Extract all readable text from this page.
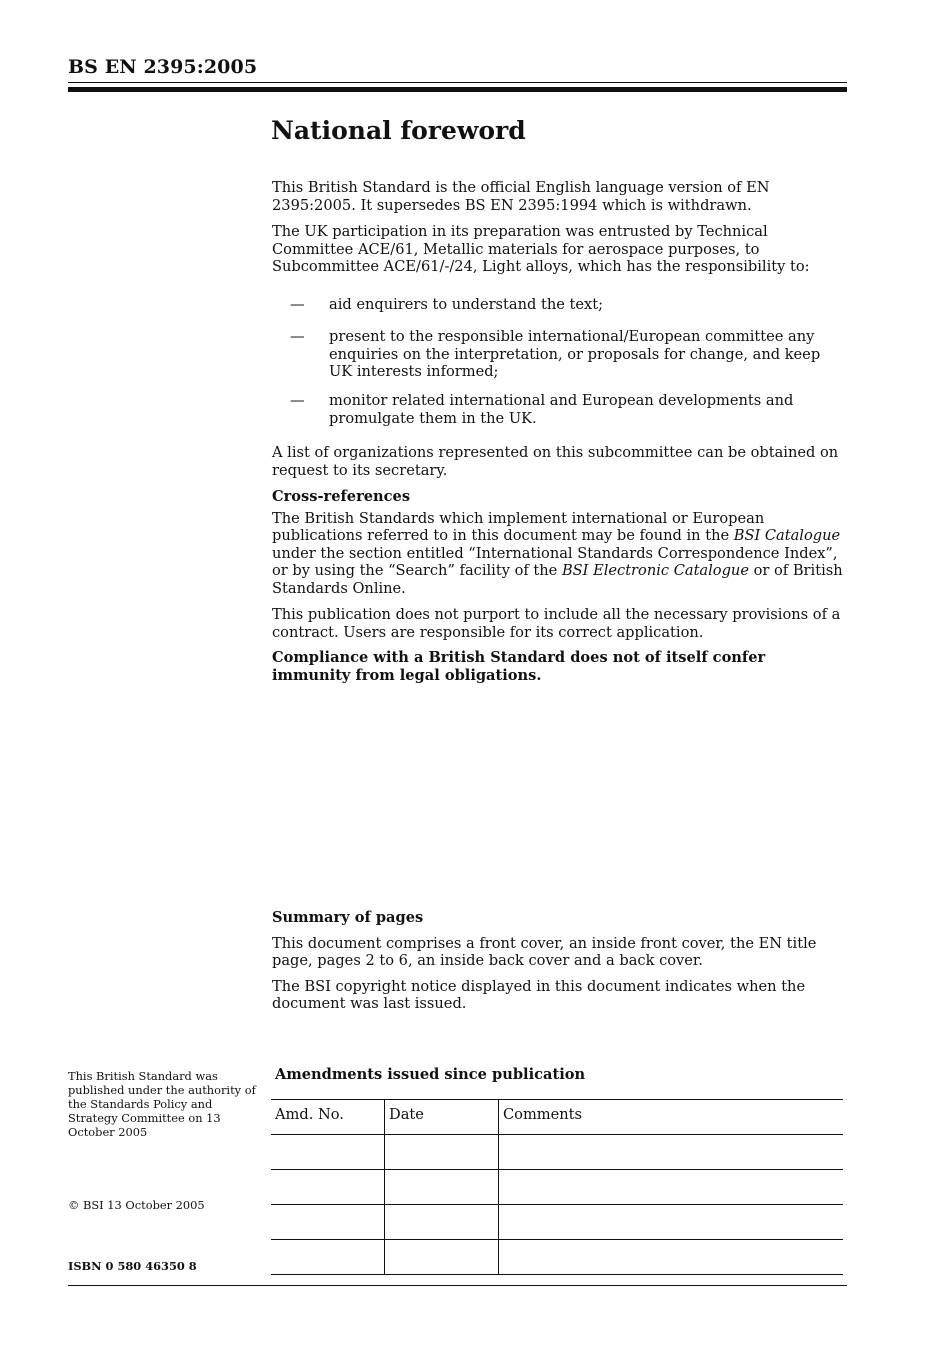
BS EN 2395:2005
National foreword

This British Standard is the official English language version of EN 2395:2005. It supersedes BS EN 2395:1994 which is withdrawn.

The UK participation in its preparation was entrusted by Technical Committee ACE/61, Metallic materials for aerospace purposes, to Subcommittee ACE/61/-/24, Light alloys, which has the responsibility to:

— aid enquirers to understand the text;
— present to the responsible international/European committee any enquiries on the interpretation, or proposals for change, and keep UK interests informed;
— monitor related international and European developments and promulgate them in the UK.

A list of organizations represented on this subcommittee can be obtained on request to its secretary.

Cross-references

The British Standards which implement international or European publications referred to in this document may be found in the BSI Catalogue under the section entitled “International Standards Correspondence Index”, or by using the “Search” facility of the BSI Electronic Catalogue or of British Standards Online.

This publication does not purport to include all the necessary provisions of a contract. Users are responsible for its correct application.

Compliance with a British Standard does not of itself confer immunity from legal obligations.

Summary of pages

This document comprises a front cover, an inside front cover, the EN title page, pages 2 to 6, an inside back cover and a back cover.

The BSI copyright notice displayed in this document indicates when the document was last issued.

This British Standard was published under the authority of the Standards Policy and Strategy Committee on 13 October 2005
© BSI 13 October 2005
ISBN 0 580 46350 8
Amendments issued since publication
Amd. No.	Date	Comments
